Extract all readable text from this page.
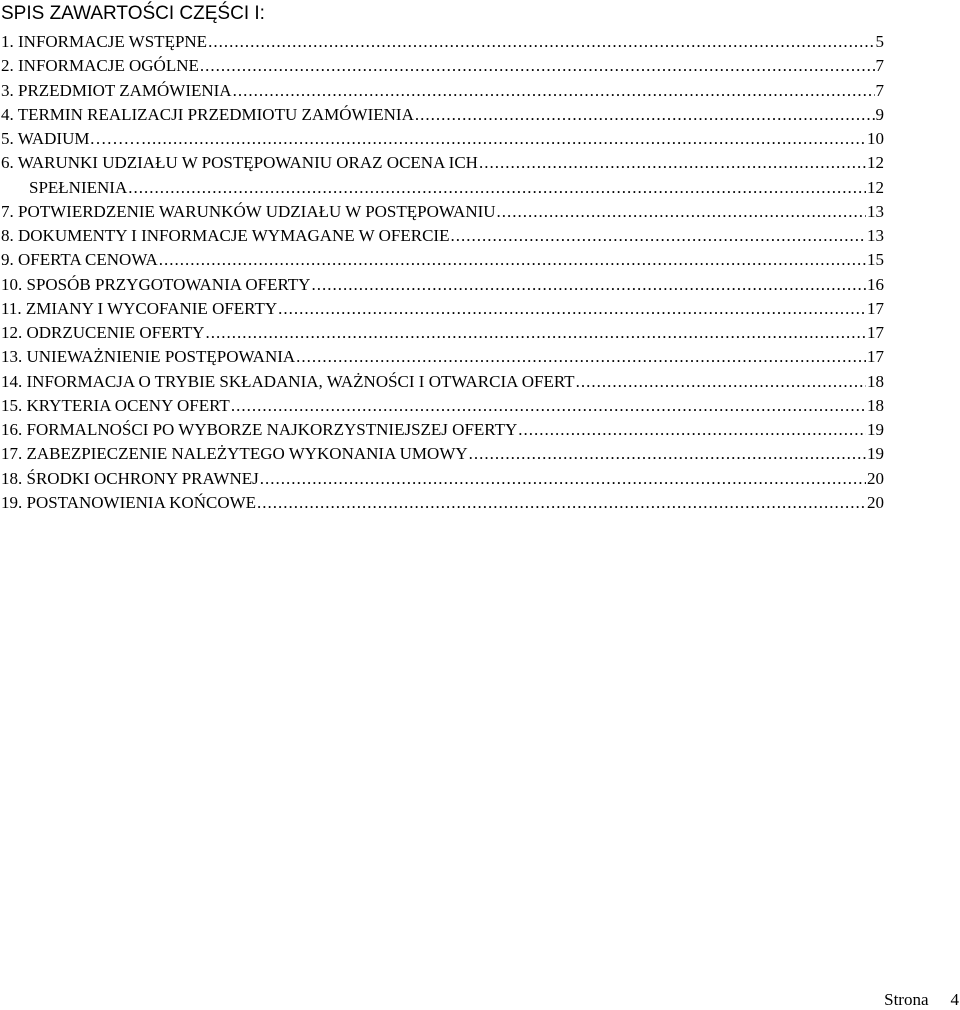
SPIS ZAWARTOŚCI CZĘŚCI I:
1. INFORMACJE WSTĘPNE .....	5
2. INFORMACJE OGÓLNE .....	7
3. PRZEDMIOT ZAMÓWIENIA .....	7
4. TERMIN REALIZACJI PRZEDMIOTU ZAMÓWIENIA .....	9
5. WADIUM……… .....	10
6. WARUNKI UDZIAŁU W POSTĘPOWANIU ORAZ OCENA ICH .....	12
SPEŁNIENIA .....	12
7. POTWIERDZENIE WARUNKÓW UDZIAŁU W POSTĘPOWANIU .....	13
8. DOKUMENTY I INFORMACJE WYMAGANE W OFERCIE .....	13
9. OFERTA CENOWA .....	15
10. SPOSÓB PRZYGOTOWANIA OFERTY .....	16
11. ZMIANY I WYCOFANIE OFERTY .....	17
12. ODRZUCENIE OFERTY .....	17
13. UNIEWAŻNIENIE POSTĘPOWANIA .....	17
14. INFORMACJA O TRYBIE SKŁADANIA, WAŻNOŚCI I OTWARCIA OFERT .....	18
15. KRYTERIA OCENY OFERT .....	18
16. FORMALNOŚCI PO WYBORZE NAJKORZYSTNIEJSZEJ OFERTY .....	19
17. ZABEZPIECZENIE NALEŻYTEGO WYKONANIA UMOWY .....	19
18. ŚRODKI OCHRONY PRAWNEJ .....	20
19. POSTANOWIENIA KOŃCOWE .....	20
Strona 4
